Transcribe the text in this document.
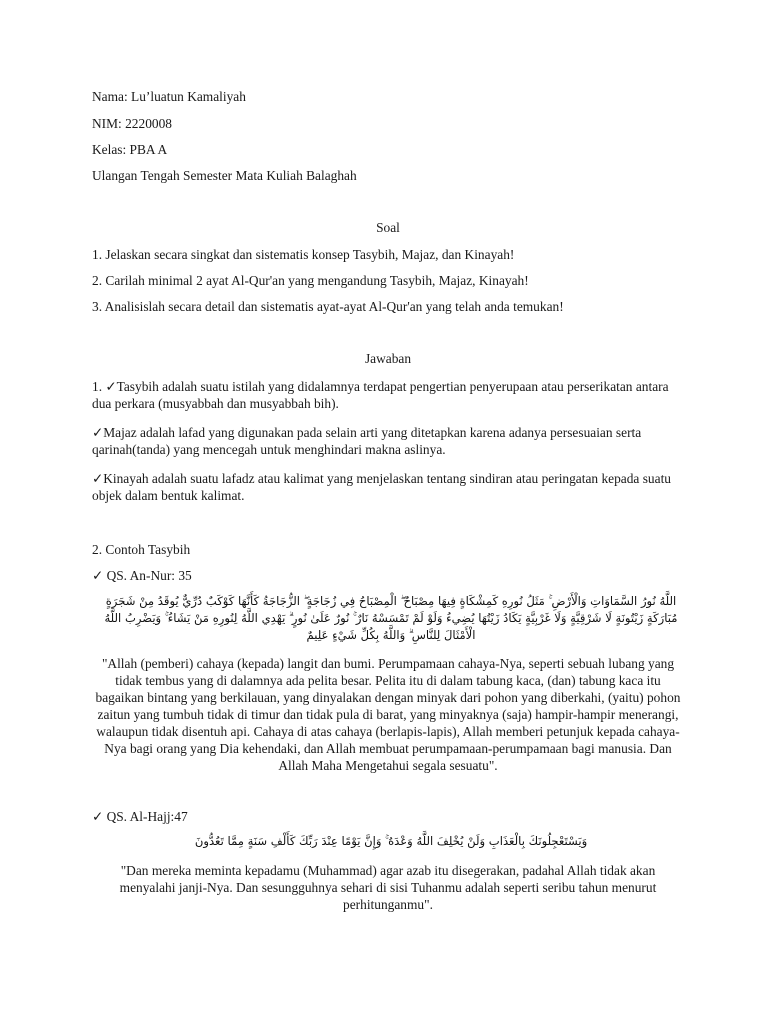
Nama: Lu’luatun Kamaliyah
NIM: 2220008
Kelas: PBA A
Ulangan Tengah Semester Mata Kuliah Balaghah
Soal
1. Jelaskan secara singkat dan sistematis konsep Tasybih, Majaz, dan Kinayah!
2. Carilah minimal 2 ayat Al-Qur'an yang mengandung Tasybih, Majaz, Kinayah!
3. Analisislah secara detail dan sistematis ayat-ayat Al-Qur'an yang telah anda temukan!
Jawaban
1. ✓Tasybih adalah suatu istilah yang didalamnya terdapat pengertian penyerupaan atau perserikatan antara dua perkara (musyabbah dan musyabbah bih).
✓Majaz adalah lafad yang digunakan pada selain arti yang ditetapkan karena adanya persesuaian serta qarinah(tanda) yang mencegah untuk menghindari makna aslinya.
✓Kinayah adalah suatu lafadz atau kalimat yang menjelaskan tentang sindiran atau peringatan kepada suatu objek dalam bentuk kalimat.
2. Contoh Tasybih
✓ QS. An-Nur: 35
اللَّهُ نُورُ السَّمَاوَاتِ وَالْأَرْضِ ۚ مَثَلُ نُورِهِ كَمِشْكَاةٍ فِيهَا مِصْبَاحٌ ۖ الْمِصْبَاحُ فِي زُجَاجَةٍ ۖ الزُّجَاجَةُ كَأَنَّهَا كَوْكَبٌ دُرِّيٌّ يُوقَدُ مِنْ شَجَرَةٍ مُبَارَكَةٍ زَيْتُونَةٍ لَا شَرْقِيَّةٍ وَلَا غَرْبِيَّةٍ يَكَادُ زَيْتُهَا يُضِيءُ وَلَوْ لَمْ تَمْسَسْهُ نَارٌ ۚ نُورٌ عَلَىٰ نُورٍ ۗ يَهْدِي اللَّهُ لِنُورِهِ مَنْ يَشَاءُ ۚ وَيَضْرِبُ اللَّهُ الْأَمْثَالَ لِلنَّاسِ ۗ وَاللَّهُ بِكُلِّ شَيْءٍ عَلِيمٌ
"Allah (pemberi) cahaya (kepada) langit dan bumi. Perumpamaan cahaya-Nya, seperti sebuah lubang yang tidak tembus yang di dalamnya ada pelita besar. Pelita itu di dalam tabung kaca, (dan) tabung kaca itu bagaikan bintang yang berkilauan, yang dinyalakan dengan minyak dari pohon yang diberkahi, (yaitu) pohon zaitun yang tumbuh tidak di timur dan tidak pula di barat, yang minyaknya (saja) hampir-hampir menerangi, walaupun tidak disentuh api. Cahaya di atas cahaya (berlapis-lapis), Allah memberi petunjuk kepada cahaya-Nya bagi orang yang Dia kehendaki, dan Allah membuat perumpamaan-perumpamaan bagi manusia. Dan Allah Maha Mengetahui segala sesuatu".
✓ QS. Al-Hajj:47
وَيَسْتَعْجِلُونَكَ بِالْعَذَابِ وَلَنْ يُخْلِفَ اللَّهُ وَعْدَهُ ۚ وَإِنَّ يَوْمًا عِنْدَ رَبِّكَ كَأَلْفِ سَنَةٍ مِمَّا تَعُدُّونَ
"Dan mereka meminta kepadamu (Muhammad) agar azab itu disegerakan, padahal Allah tidak akan menyalahi janji-Nya. Dan sesungguhnya sehari di sisi Tuhanmu adalah seperti seribu tahun menurut perhitunganmu".
